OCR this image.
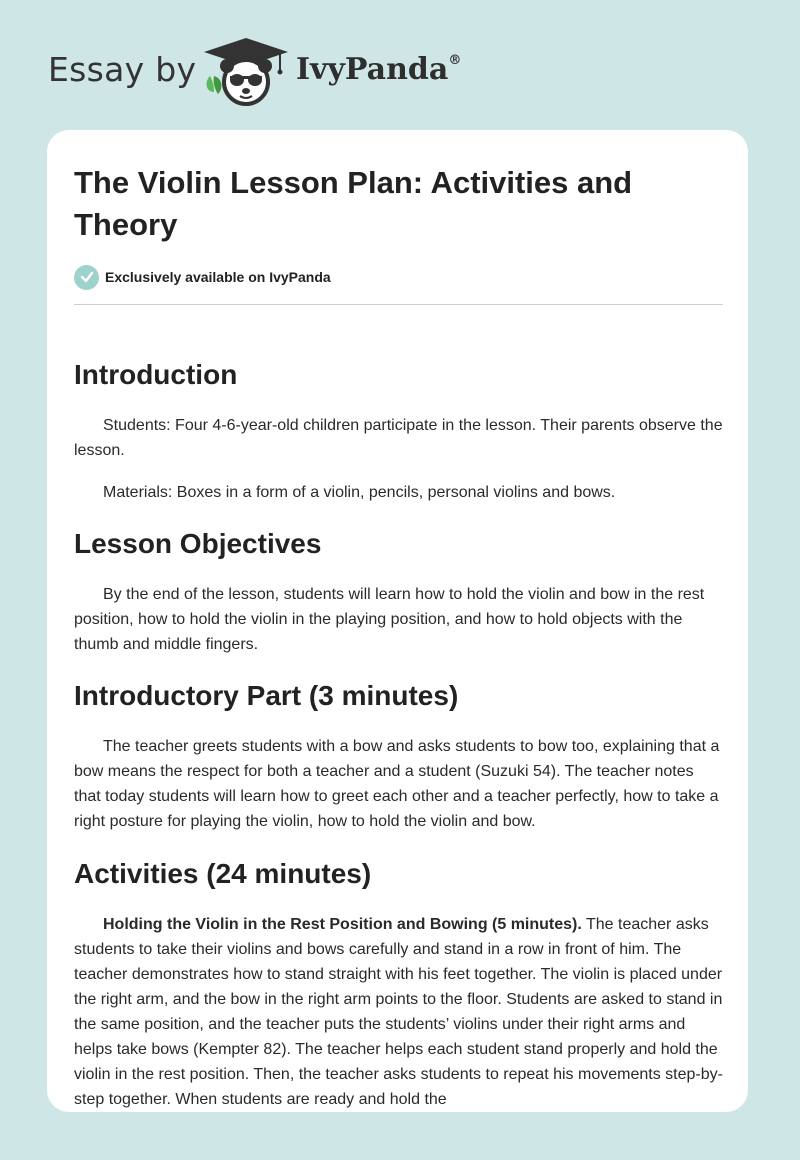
Essay by	IvyPanda®
The Violin Lesson Plan: Activities and Theory
Exclusively available on IvyPanda
Introduction

Students: Four 4-6-year-old children participate in the lesson. Their parents observe the lesson.

Materials: Boxes in a form of a violin, pencils, personal violins and bows.

Lesson Objectives

By the end of the lesson, students will learn how to hold the violin and bow in the rest position, how to hold the violin in the playing position, and how to hold objects with the thumb and middle fingers.

Introductory Part (3 minutes)

The teacher greets students with a bow and asks students to bow too, explaining that a bow means the respect for both a teacher and a student (Suzuki 54). The teacher notes that today students will learn how to greet each other and a teacher perfectly, how to take a right posture for playing the violin, how to hold the violin and bow.

Activities (24 minutes)

Holding the Violin in the Rest Position and Bowing (5 minutes). The teacher asks students to take their violins and bows carefully and stand in a row in front of him. The teacher demonstrates how to stand straight with his feet together. The violin is placed under the right arm, and the bow in the right arm points to the floor. Students are asked to stand in the same position, and the teacher puts the students’ violins under their right arms and helps take bows (Kempter 82). The teacher helps each student stand properly and hold the violin in the rest position. Then, the teacher asks students to repeat his movements step-by-step together. When students are ready and hold the
